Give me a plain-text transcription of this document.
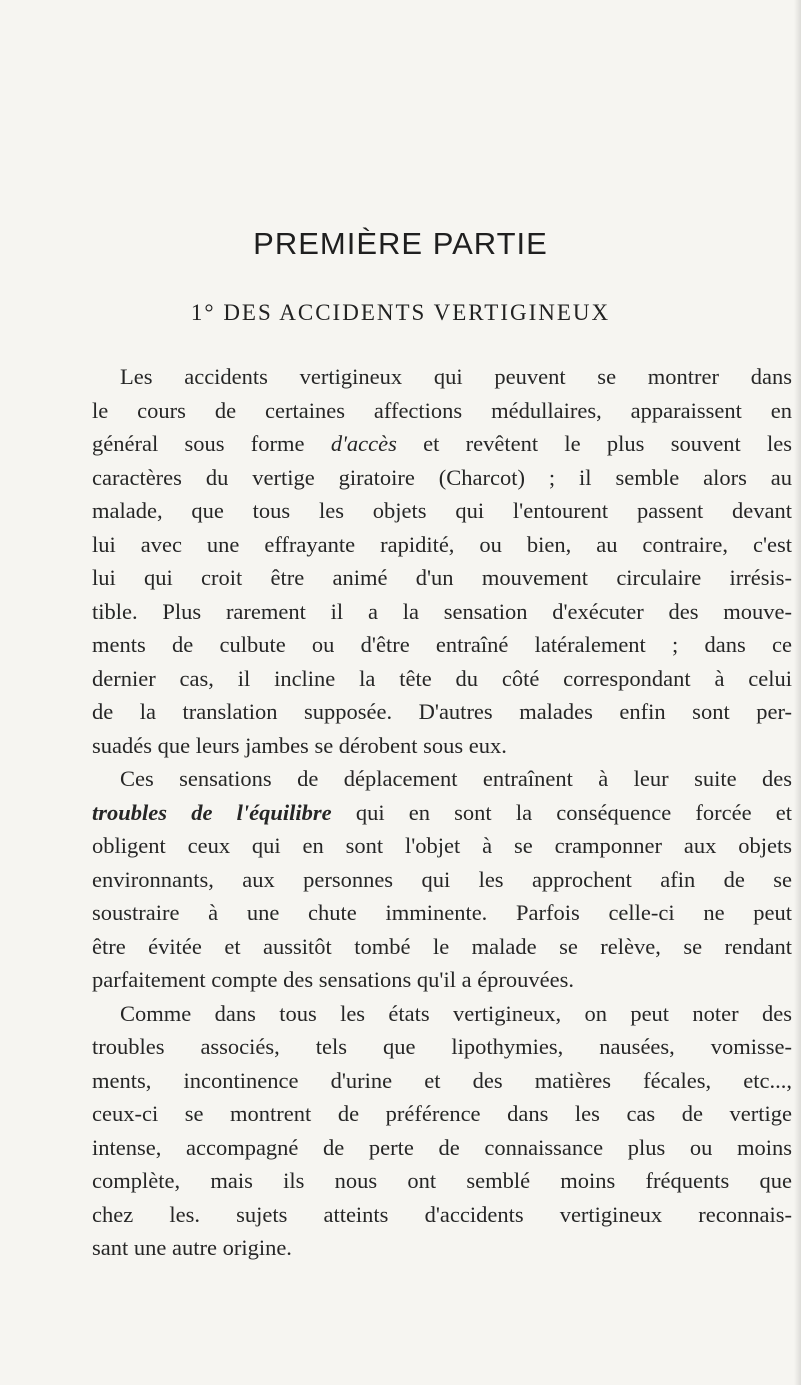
PREMIÈRE PARTIE
1° DES ACCIDENTS VERTIGINEUX
Les accidents vertigineux qui peuvent se montrer dans
le cours de certaines affections médullaires, apparaissent en
général sous forme d'accès et revêtent le plus souvent les
caractères du vertige giratoire (Charcot) ; il semble alors au
malade, que tous les objets qui l'entourent passent devant
lui avec une effrayante rapidité, ou bien, au contraire, c'est
lui qui croit être animé d'un mouvement circulaire irrésis-
tible. Plus rarement il a la sensation d'exécuter des mouve-
ments de culbute ou d'être entraîné latéralement ; dans ce
dernier cas, il incline la tête du côté correspondant à celui
de la translation supposée. D'autres malades enfin sont per-
suadés que leurs jambes se dérobent sous eux.
Ces sensations de déplacement entraînent à leur suite des
troubles de l'équilibre qui en sont la conséquence forcée et
obligent ceux qui en sont l'objet à se cramponner aux objets
environnants, aux personnes qui les approchent afin de se
soustraire à une chute imminente. Parfois celle-ci ne peut
être évitée et aussitôt tombé le malade se relève, se rendant
parfaitement compte des sensations qu'il a éprouvées.
Comme dans tous les états vertigineux, on peut noter des
troubles associés, tels que lipothymies, nausées, vomisse-
ments, incontinence d'urine et des matières fécales, etc...,
ceux-ci se montrent de préférence dans les cas de vertige
intense, accompagné de perte de connaissance plus ou moins
complète, mais ils nous ont semblé moins fréquents que
chez les. sujets atteints d'accidents vertigineux reconnais-
sant une autre origine.
